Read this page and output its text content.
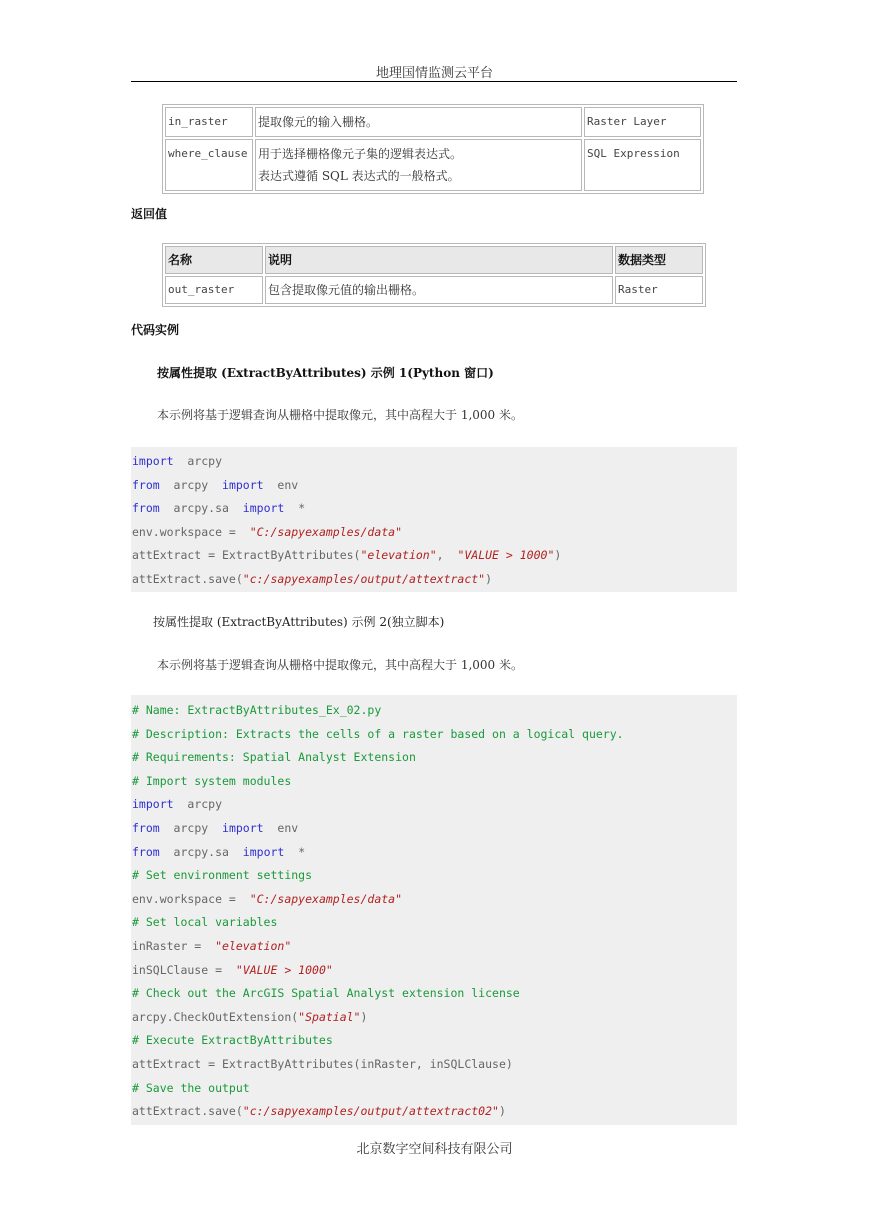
地理国情监测云平台
in_raster	提取像元的输入栅格。	Raster Layer
where_clause	用于选择栅格像元子集的逻辑表达式。
表达式遵循 SQL 表达式的一般格式。	SQL Expression
返回值
名称	说明	数据类型
out_raster	包含提取像元值的输出栅格。	Raster
代码实例
按属性提取 (ExtractByAttributes) 示例 1(Python 窗口)
本示例将基于逻辑查询从栅格中提取像元，其中高程大于 1,000 米。
import  arcpy
from  arcpy  import  env
from  arcpy.sa  import  *
env.workspace =  "C:/sapyexamples/data"
attExtract = ExtractByAttributes("elevation",  "VALUE > 1000")
attExtract.save("c:/sapyexamples/output/attextract")
按属性提取 (ExtractByAttributes) 示例 2(独立脚本)
本示例将基于逻辑查询从栅格中提取像元，其中高程大于 1,000 米。
# Name: ExtractByAttributes_Ex_02.py
# Description: Extracts the cells of a raster based on a logical query.
# Requirements: Spatial Analyst Extension
# Import system modules
import  arcpy
from  arcpy  import  env
from  arcpy.sa  import  *
# Set environment settings
env.workspace =  "C:/sapyexamples/data"
# Set local variables
inRaster =  "elevation"
inSQLClause =  "VALUE > 1000"
# Check out the ArcGIS Spatial Analyst extension license
arcpy.CheckOutExtension("Spatial")
# Execute ExtractByAttributes
attExtract = ExtractByAttributes(inRaster, inSQLClause)
# Save the output
attExtract.save("c:/sapyexamples/output/attextract02")
北京数字空间科技有限公司
